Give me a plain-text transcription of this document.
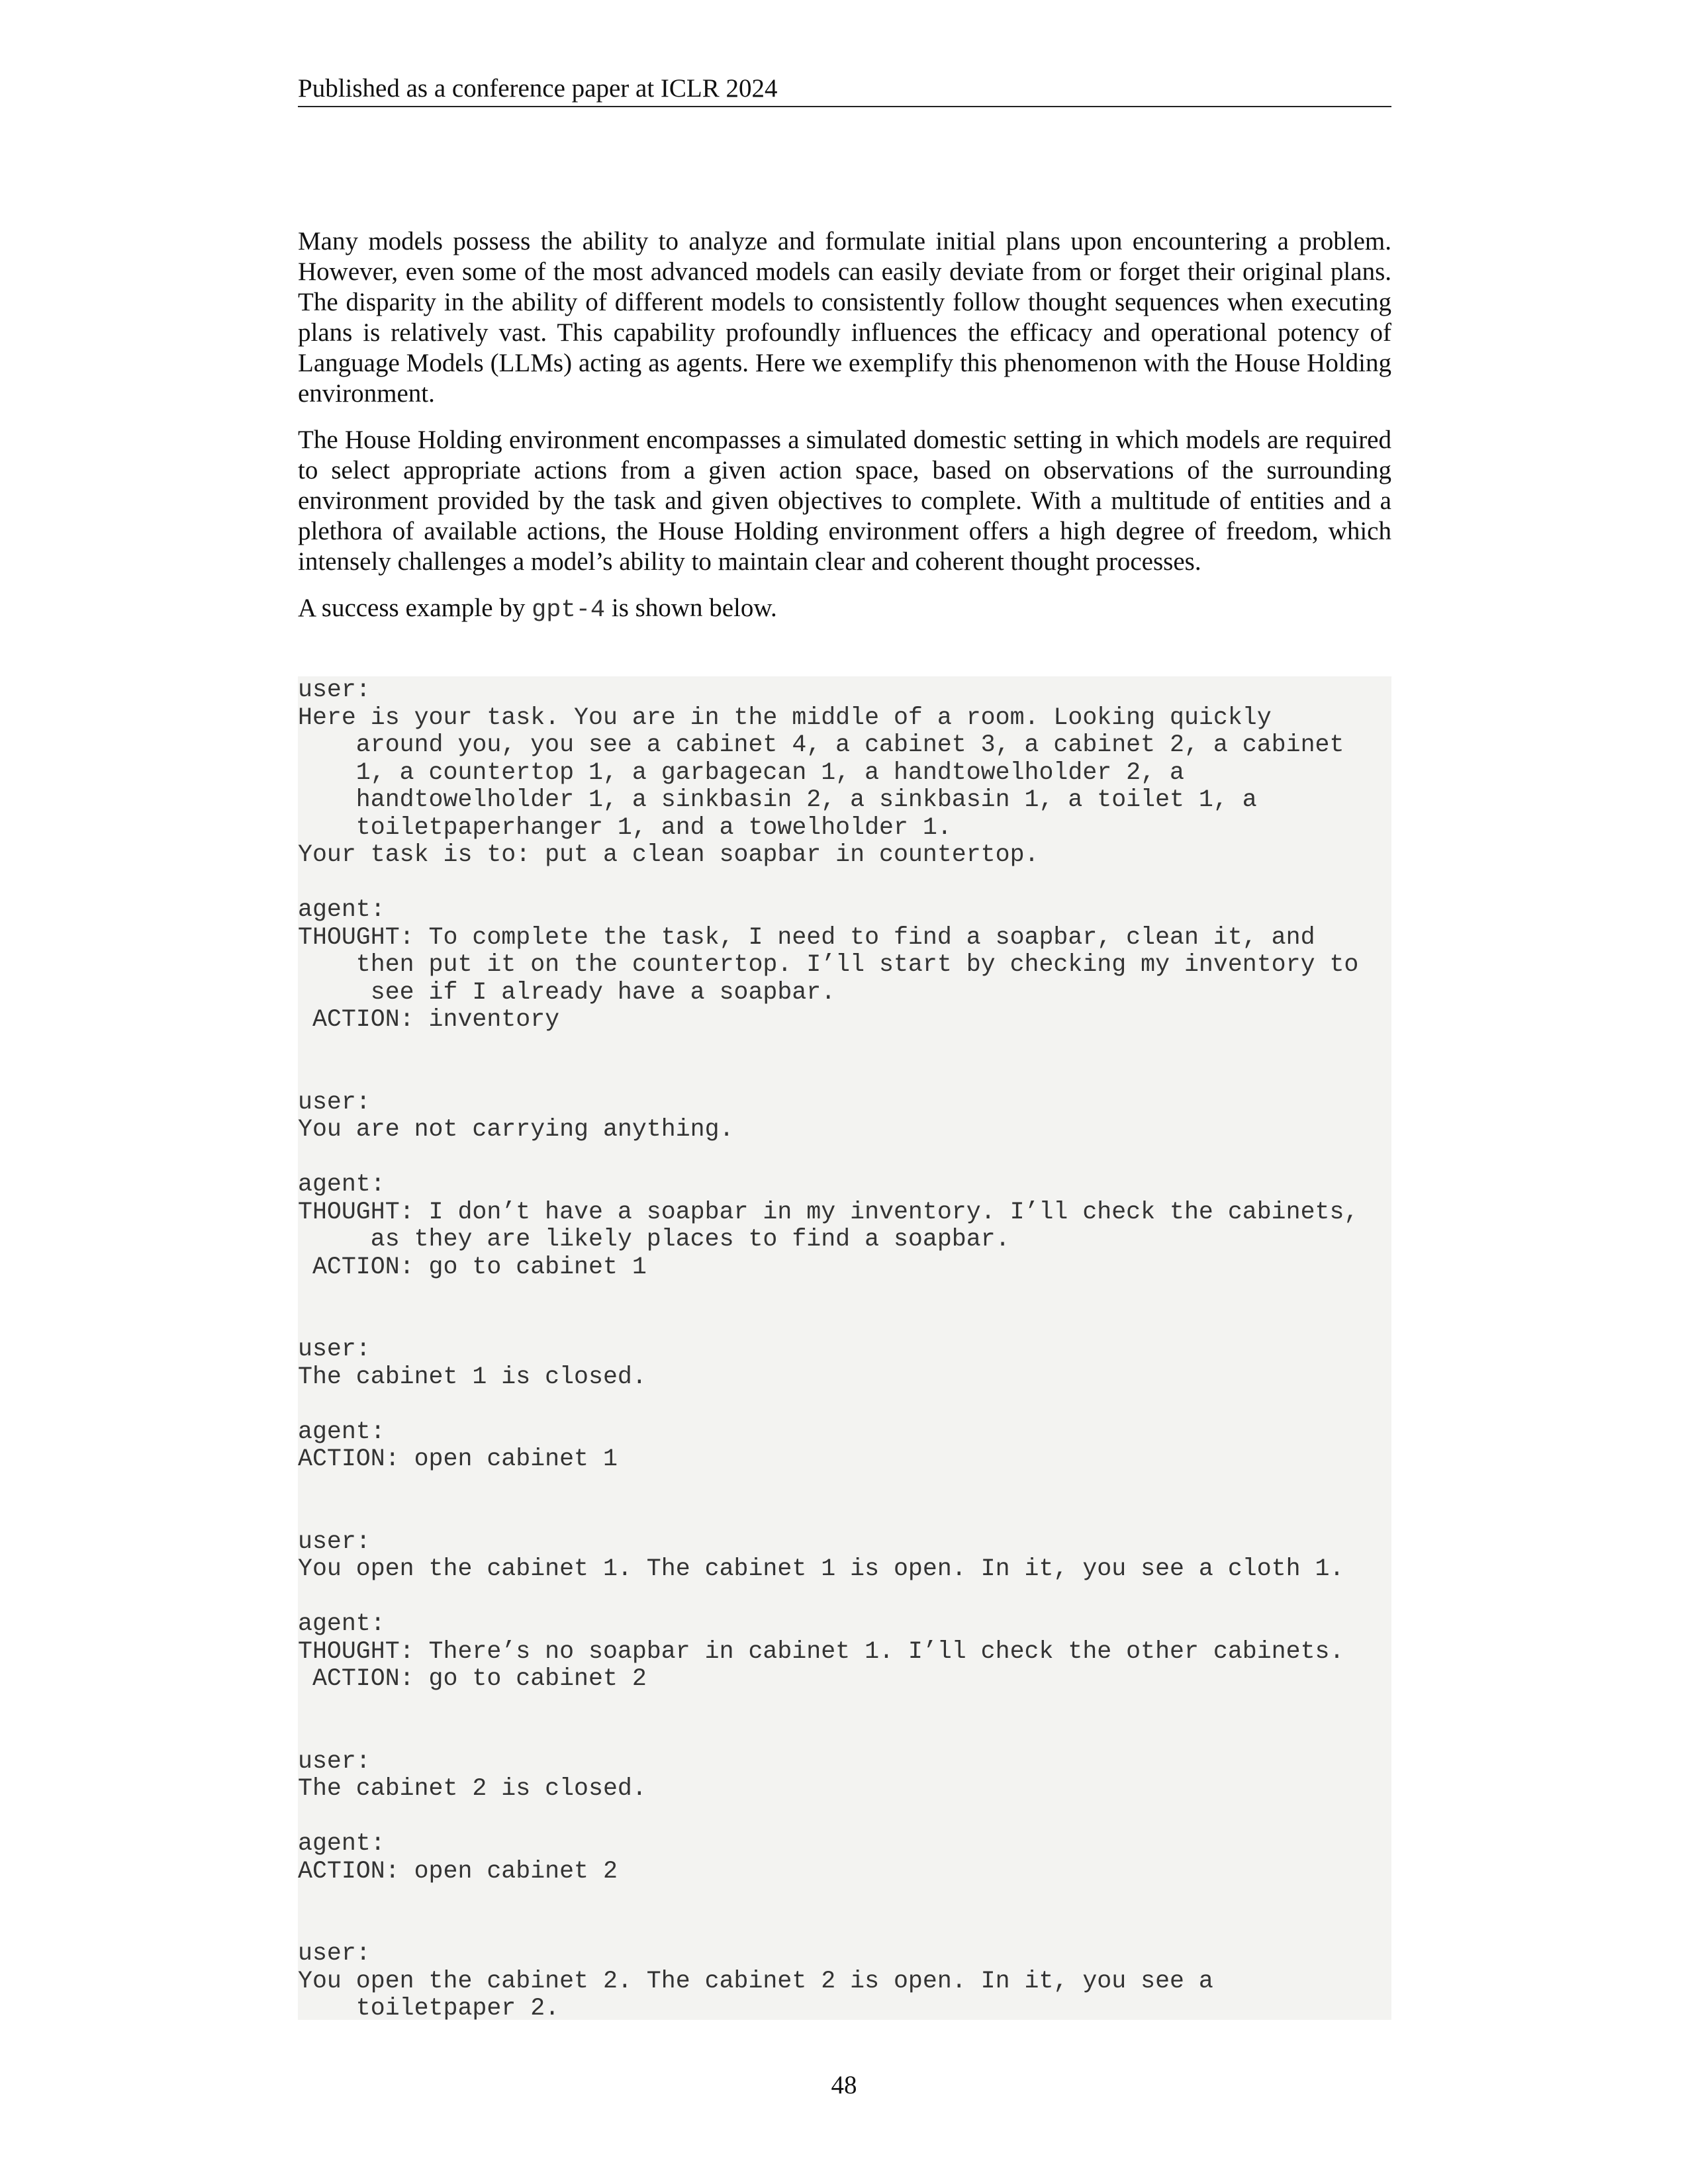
Published as a conference paper at ICLR 2024

Many models possess the ability to analyze and formulate initial plans upon encountering a problem. However, even some of the most advanced models can easily deviate from or forget their original plans. The disparity in the ability of different models to consistently follow thought sequences when executing plans is relatively vast. This capability profoundly influences the efficacy and operational potency of Language Models (LLMs) acting as agents. Here we exemplify this phenomenon with the House Holding environment.

The House Holding environment encompasses a simulated domestic setting in which models are required to select appropriate actions from a given action space, based on observations of the surrounding environment provided by the task and given objectives to complete. With a multitude of entities and a plethora of available actions, the House Holding environment offers a high degree of freedom, which intensely challenges a model’s ability to maintain clear and coherent thought processes.

A success example by gpt-4 is shown below.

user:
Here is your task. You are in the middle of a room. Looking quickly
around you, you see a cabinet 4, a cabinet 3, a cabinet 2, a cabinet
1, a countertop 1, a garbagecan 1, a handtowelholder 2, a
handtowelholder 1, a sinkbasin 2, a sinkbasin 1, a toilet 1, a
toiletpaperhanger 1, and a towelholder 1.
Your task is to: put a clean soapbar in countertop.
agent:
THOUGHT: To complete the task, I need to find a soapbar, clean it, and
then put it on the countertop. I’ll start by checking my inventory to
see if I already have a soapbar.
ACTION: inventory
user:
You are not carrying anything.
agent:
THOUGHT: I don’t have a soapbar in my inventory. I’ll check the cabinets,
as they are likely places to find a soapbar.
ACTION: go to cabinet 1
user:
The cabinet 1 is closed.
agent:
ACTION: open cabinet 1
user:
You open the cabinet 1. The cabinet 1 is open. In it, you see a cloth 1.
agent:
THOUGHT: There’s no soapbar in cabinet 1. I’ll check the other cabinets.
ACTION: go to cabinet 2
user:
The cabinet 2 is closed.
agent:
ACTION: open cabinet 2
user:
You open the cabinet 2. The cabinet 2 is open. In it, you see a
toiletpaper 2.
48
